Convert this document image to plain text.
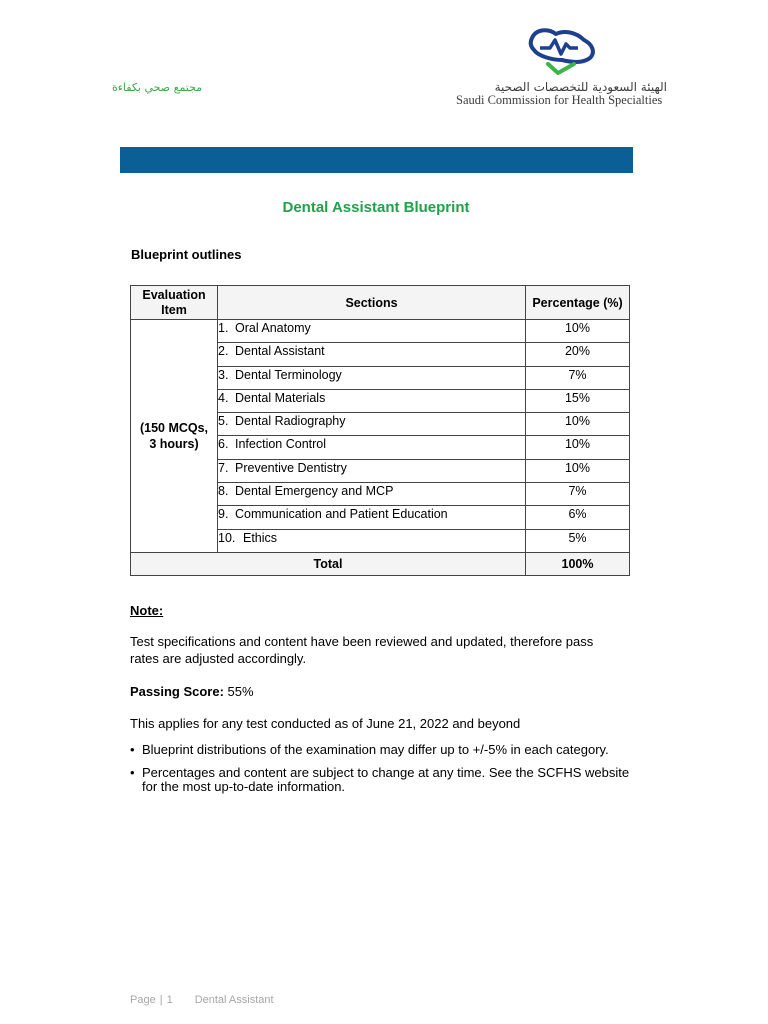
مجتمع صحي بكفاءة	الهيئة السعودية للتخصصات الصحية
Saudi Commission for Health Specialties
Dental Assistant Blueprint
Blueprint outlines
Evaluation Item	Sections	Percentage (%)
(150 MCQs,
3 hours)	1. Oral Anatomy	10%
	2. Dental Assistant	20%
	3. Dental Terminology	7%
	4. Dental Materials	15%
	5. Dental Radiography	10%
	6. Infection Control	10%
	7. Preventive Dentistry	10%
	8. Dental Emergency and MCP	7%
	9. Communication and Patient Education	6%
	10. Ethics	5%
Total		100%
Note:
Test specifications and content have been reviewed and updated, therefore pass rates are adjusted accordingly.
Passing Score: 55%
This applies for any test conducted as of June 21, 2022 and beyond
• Blueprint distributions of the examination may differ up to +/-5% in each category.
• Percentages and content are subject to change at any time. See the SCFHS website for the most up-to-date information.
Page | 1 Dental Assistant
